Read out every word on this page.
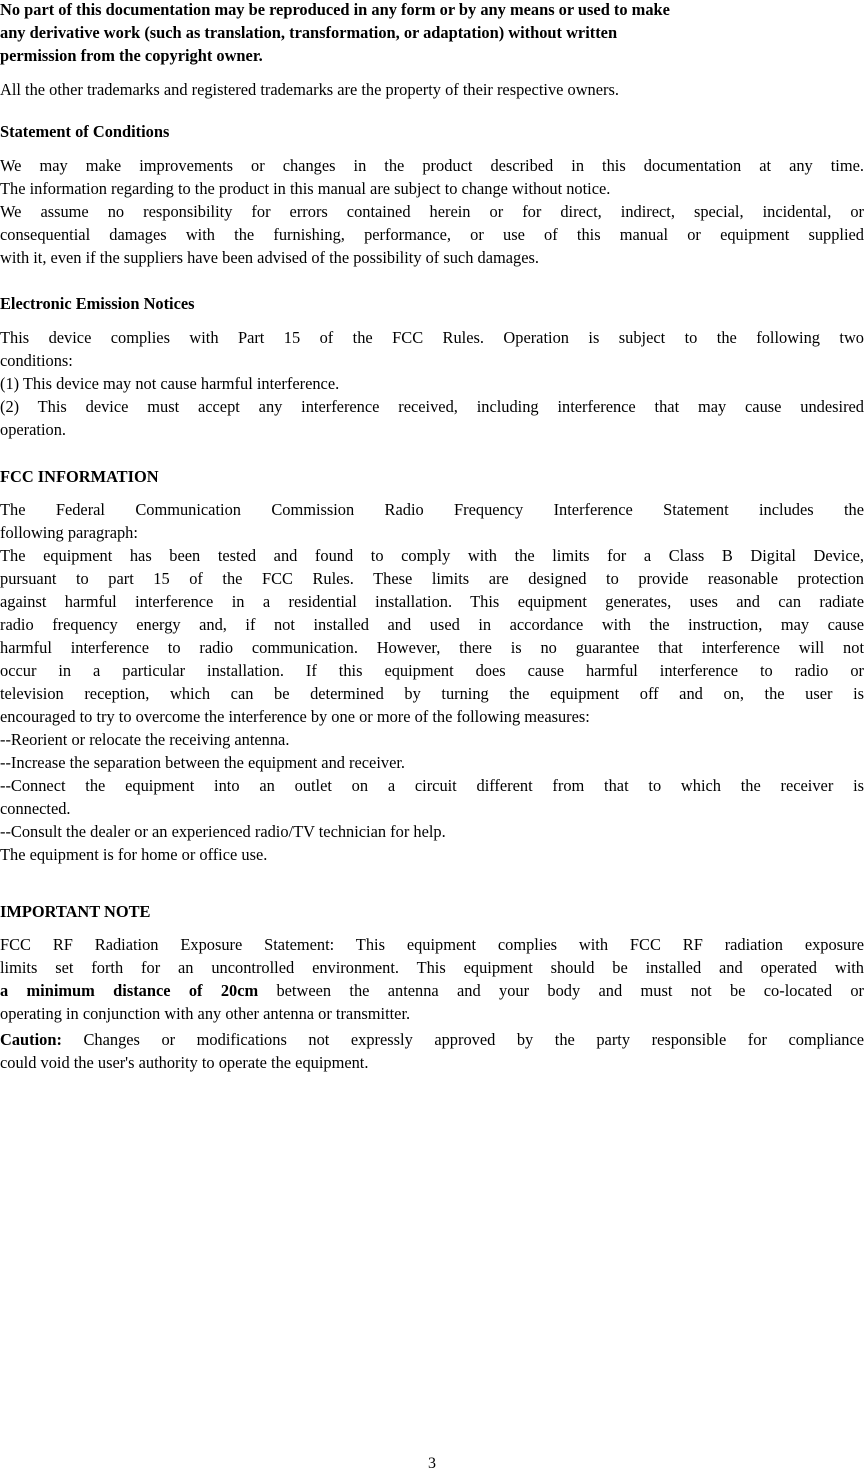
No part of this documentation may be reproduced in any form or by any means or used to make
any derivative work (such as translation, transformation, or adaptation) without written
permission from the copyright owner.

All the other trademarks and registered trademarks are the property of their respective owners.

Statement of Conditions

We may make improvements or changes in the product described in this documentation at any time.
The information regarding to the product in this manual are subject to change without notice.
We assume no responsibility for errors contained herein or for direct, indirect, special, incidental, or
consequential damages with the furnishing, performance, or use of this manual or equipment supplied
with it, even if the suppliers have been advised of the possibility of such damages.

Electronic Emission Notices

This device complies with Part 15 of the FCC Rules. Operation is subject to the following two
conditions:
(1) This device may not cause harmful interference.
(2) This device must accept any interference received, including interference that may cause undesired
operation.

FCC INFORMATION

The Federal Communication Commission Radio Frequency Interference Statement includes the
following paragraph:
The equipment has been tested and found to comply with the limits for a Class B Digital Device,
pursuant to part 15 of the FCC Rules. These limits are designed to provide reasonable protection
against harmful interference in a residential installation. This equipment generates, uses and can radiate
radio frequency energy and, if not installed and used in accordance with the instruction, may cause
harmful interference to radio communication. However, there is no guarantee that interference will not
occur in a particular installation. If this equipment does cause harmful interference to radio or
television reception, which can be determined by turning the equipment off and on, the user is
encouraged to try to overcome the interference by one or more of the following measures:
--Reorient or relocate the receiving antenna.
--Increase the separation between the equipment and receiver.
--Connect the equipment into an outlet on a circuit different from that to which the receiver is
connected.
--Consult the dealer or an experienced radio/TV technician for help.
The equipment is for home or office use.

IMPORTANT NOTE

FCC RF Radiation Exposure Statement: This equipment complies with FCC RF radiation exposure
limits set forth for an uncontrolled environment. This equipment should be installed and operated with
a minimum distance of 20cm between the antenna and your body and must not be co-located or
operating in conjunction with any other antenna or transmitter.
Caution: Changes or modifications not expressly approved by the party responsible for compliance
could void the user's authority to operate the equipment.
3
